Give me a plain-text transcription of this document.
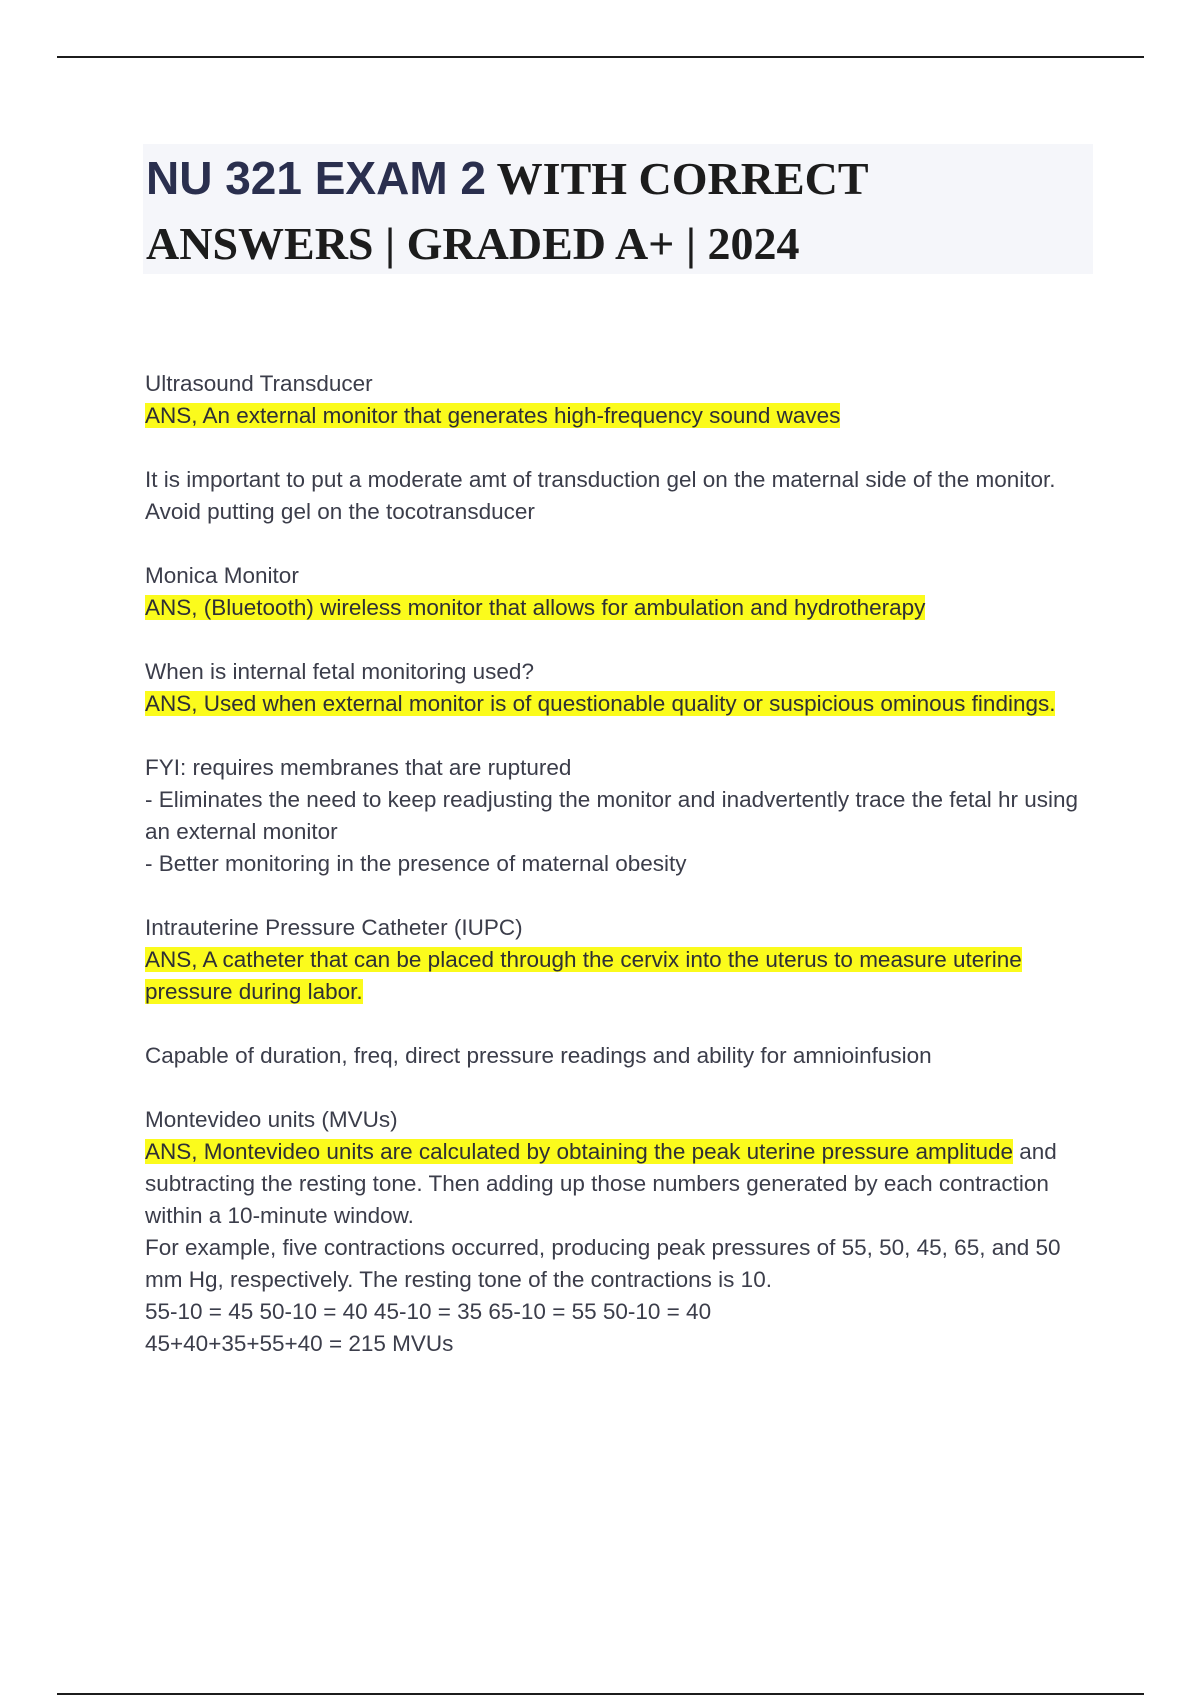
NU 321 EXAM 2 WITH CORRECT ANSWERS | GRADED A+ | 2024

Ultrasound Transducer

ANS, An external monitor that generates high-frequency sound waves

It is important to put a moderate amt of transduction gel on the maternal side of the monitor. Avoid putting gel on the tocotransducer

Monica Monitor

ANS, (Bluetooth) wireless monitor that allows for ambulation and hydrotherapy

When is internal fetal monitoring used?

ANS, Used when external monitor is of questionable quality or suspicious ominous findings.

FYI: requires membranes that are ruptured

- Eliminates the need to keep readjusting the monitor and inadvertently trace the fetal hr using an external monitor

- Better monitoring in the presence of maternal obesity

Intrauterine Pressure Catheter (IUPC)

ANS, A catheter that can be placed through the cervix into the uterus to measure uterine pressure during labor.

Capable of duration, freq, direct pressure readings and ability for amnioinfusion

Montevideo units (MVUs)

ANS, Montevideo units are calculated by obtaining the peak uterine pressure amplitude and subtracting the resting tone. Then adding up those numbers generated by each contraction within a 10-minute window.

For example, five contractions occurred, producing peak pressures of 55, 50, 45, 65, and 50 mm Hg, respectively. The resting tone of the contractions is 10.

55-10 = 45 50-10 = 40 45-10 = 35 65-10 = 55 50-10 = 40

45+40+35+55+40 = 215 MVUs
